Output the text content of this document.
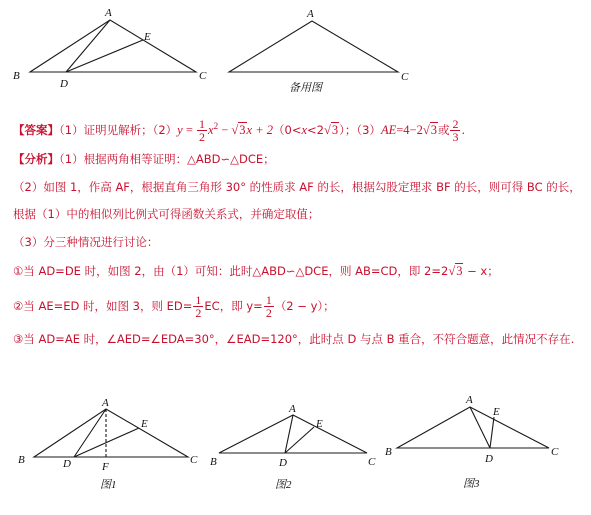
A
B	C
D
E
A
C
备用图
【答案】（1）证明见解析；$(2)y = \frac{1}{2} x^2 - √3x + 2(0<x<2√3)$；（3）AE=4−2√3或 $\frac{2}{3}$ .
【分析】（1）根据两角相等证明：△ABD∽△DCE；
（2）如图 1，作高 AF，根据直角三角形 30° 的性质求 AF 的长，根据勾股定理求 BF 的长，则可得 BC 的长，
根据（1）中的相似列比例式可得函数关系式，并确定取值；
（3）分三种情况进行讨论：
①当 AD=DE 时，如图 2，由（1）可知：此时△ABD∽△DCE，则 AB=CD，即 2=2√3 − x；
②当 AE=ED 时，如图 3，则 $ED= \frac{1}{2}$ EC，即 $y= \frac{1}{2} (2 - y)$；
③当 AD=AE 时，∠AED=∠EDA=30°，∠EAD=120°，此时点 D 与点 B 重合，不符合题意，此情况不存在.
A
B	C
D
E
F
图1
A
B	C
D
E
图2
A
B	C
D
E
图3
